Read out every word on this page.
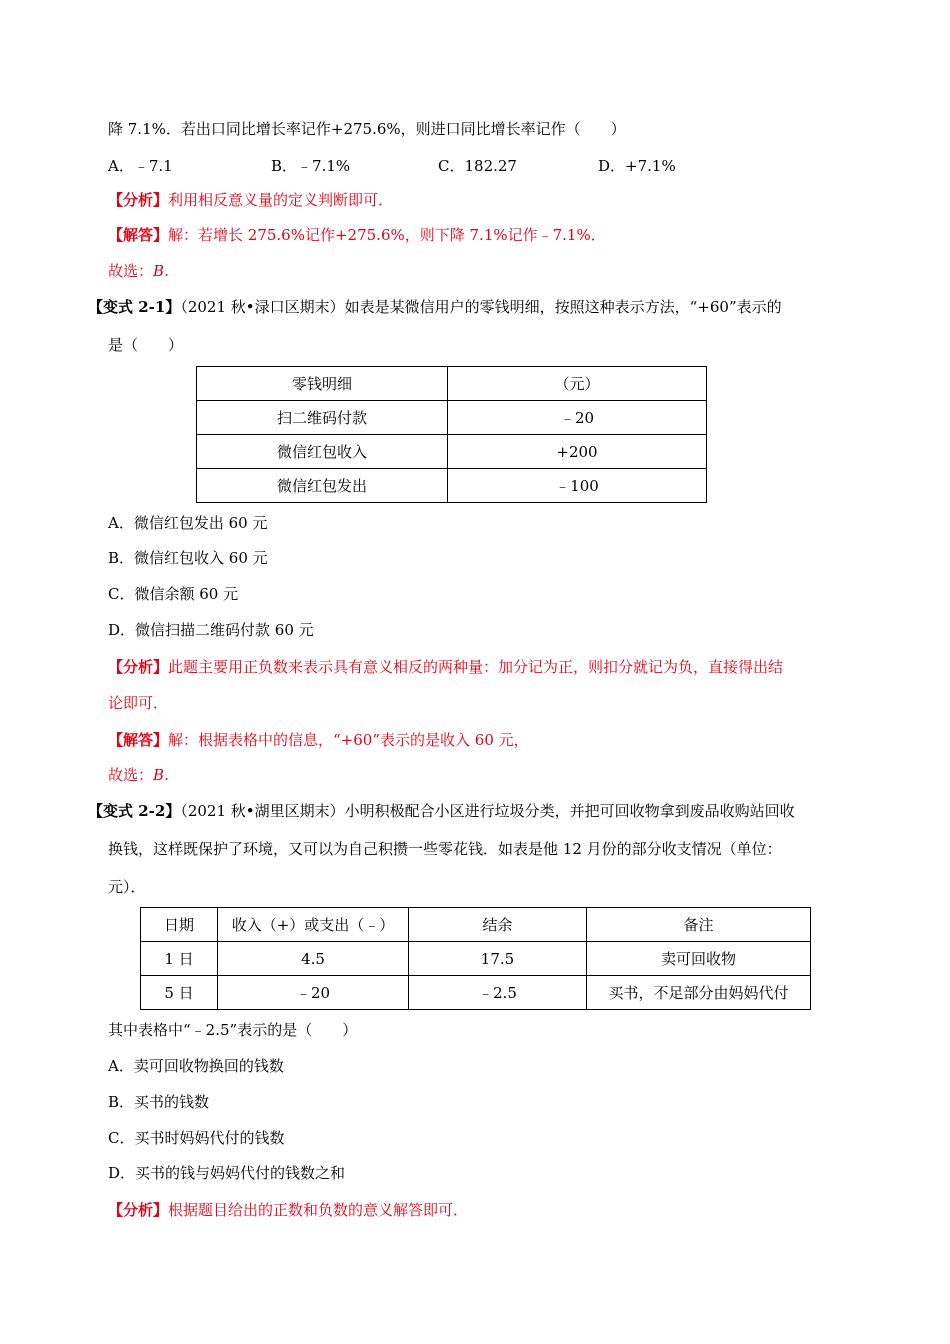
降 7.1%．若出口同比增长率记作+275.6%，则进口同比增长率记作（　　）
A．﹣7.1	B．﹣7.1%	C．182.27	D．+7.1%
【分析】利用相反意义量的定义判断即可．
【解答】解：若增长 275.6%记作+275.6%，则下降 7.1%记作﹣7.1%．
故选：B．
【变式 2-1】（2021 秋•渌口区期末）如表是某微信用户的零钱明细，按照这种表示方法，“+60”表示的
是（　　）
零钱明细	（元）
扫二维码付款	﹣20
微信红包收入	+200
微信红包发出	﹣100
A．微信红包发出 60 元
B．微信红包收入 60 元
C．微信余额 60 元
D．微信扫描二维码付款 60 元
【分析】此题主要用正负数来表示具有意义相反的两种量：加分记为正，则扣分就记为负，直接得出结
论即可．
【解答】解：根据表格中的信息，“+60”表示的是收入 60 元，
故选：B．
【变式 2-2】（2021 秋•湖里区期末）小明积极配合小区进行垃圾分类，并把可回收物拿到废品收购站回收
换钱，这样既保护了环境，又可以为自己积攒一些零花钱．如表是他 12 月份的部分收支情况（单位：
元）．
日期	收入（+）或支出（﹣）	结余	备注
1 日	4.5	17.5	卖可回收物
5 日	﹣20	﹣2.5	买书，不足部分由妈妈代付
其中表格中“﹣2.5”表示的是（　　）
A．卖可回收物换回的钱数
B．买书的钱数
C．买书时妈妈代付的钱数
D．买书的钱与妈妈代付的钱数之和
【分析】根据题目给出的正数和负数的意义解答即可．
